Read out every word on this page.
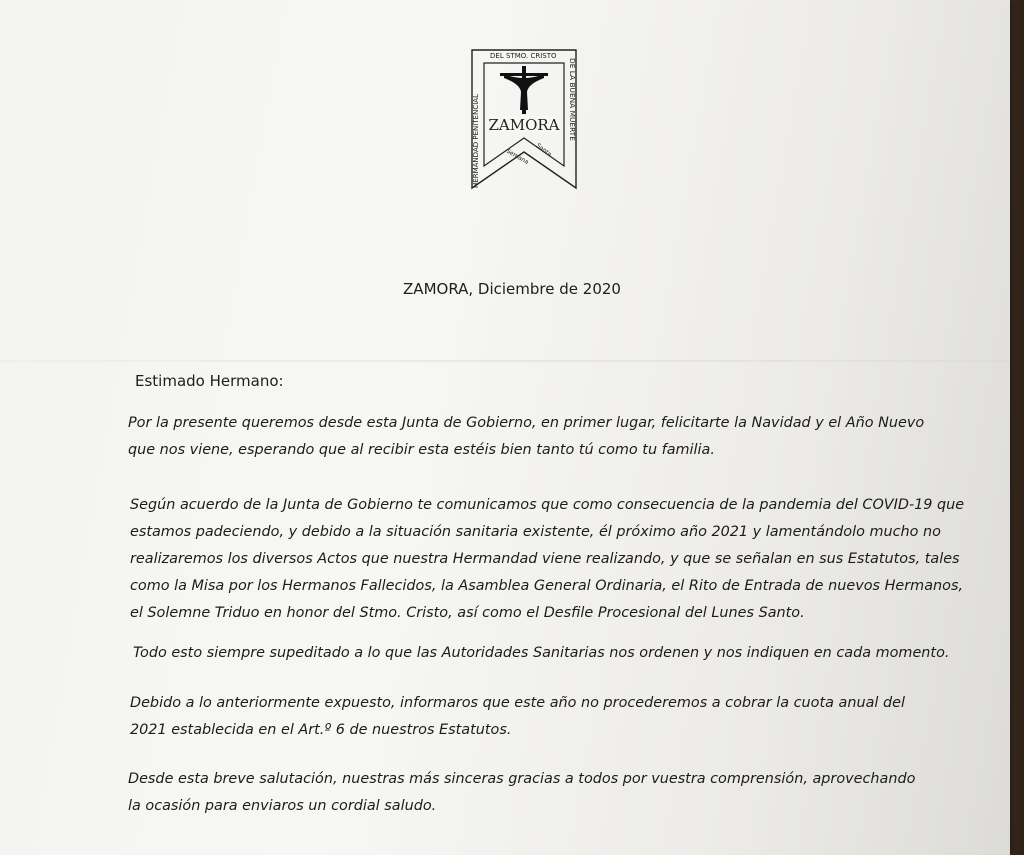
HERMANDAD PENITENCIAL
DE LA BUENA MUERTE
DEL STMO. CRISTO
ZAMORA
Semana Santa
ZAMORA, Diciembre de 2020
Estimado Hermano:
Por la presente queremos desde esta Junta de Gobierno, en primer lugar, felicitarte la Navidad y el Año Nuevo
que nos viene, esperando que al recibir esta estéis bien tanto tú como tu familia.
Según acuerdo de la Junta de Gobierno te comunicamos que como consecuencia de la pandemia del COVID-19 que
estamos padeciendo, y debido a la situación sanitaria existente, él próximo año 2021 y lamentándolo mucho no
realizaremos los diversos Actos que nuestra Hermandad viene realizando, y que se señalan en sus Estatutos, tales
como la Misa por los Hermanos Fallecidos, la Asamblea General Ordinaria, el Rito de Entrada de nuevos Hermanos,
el Solemne Triduo en honor del Stmo. Cristo, así como el Desfile Procesional del Lunes Santo.
Todo esto siempre supeditado a lo que las Autoridades Sanitarias nos ordenen y nos indiquen en cada momento.
Debido a lo anteriormente expuesto, informaros que este año no procederemos a cobrar la cuota anual del
2021 establecida en el Art.º 6 de nuestros Estatutos.
Desde esta breve salutación, nuestras más sinceras gracias a todos por vuestra comprensión, aprovechando
la ocasión para enviaros un cordial saludo.
